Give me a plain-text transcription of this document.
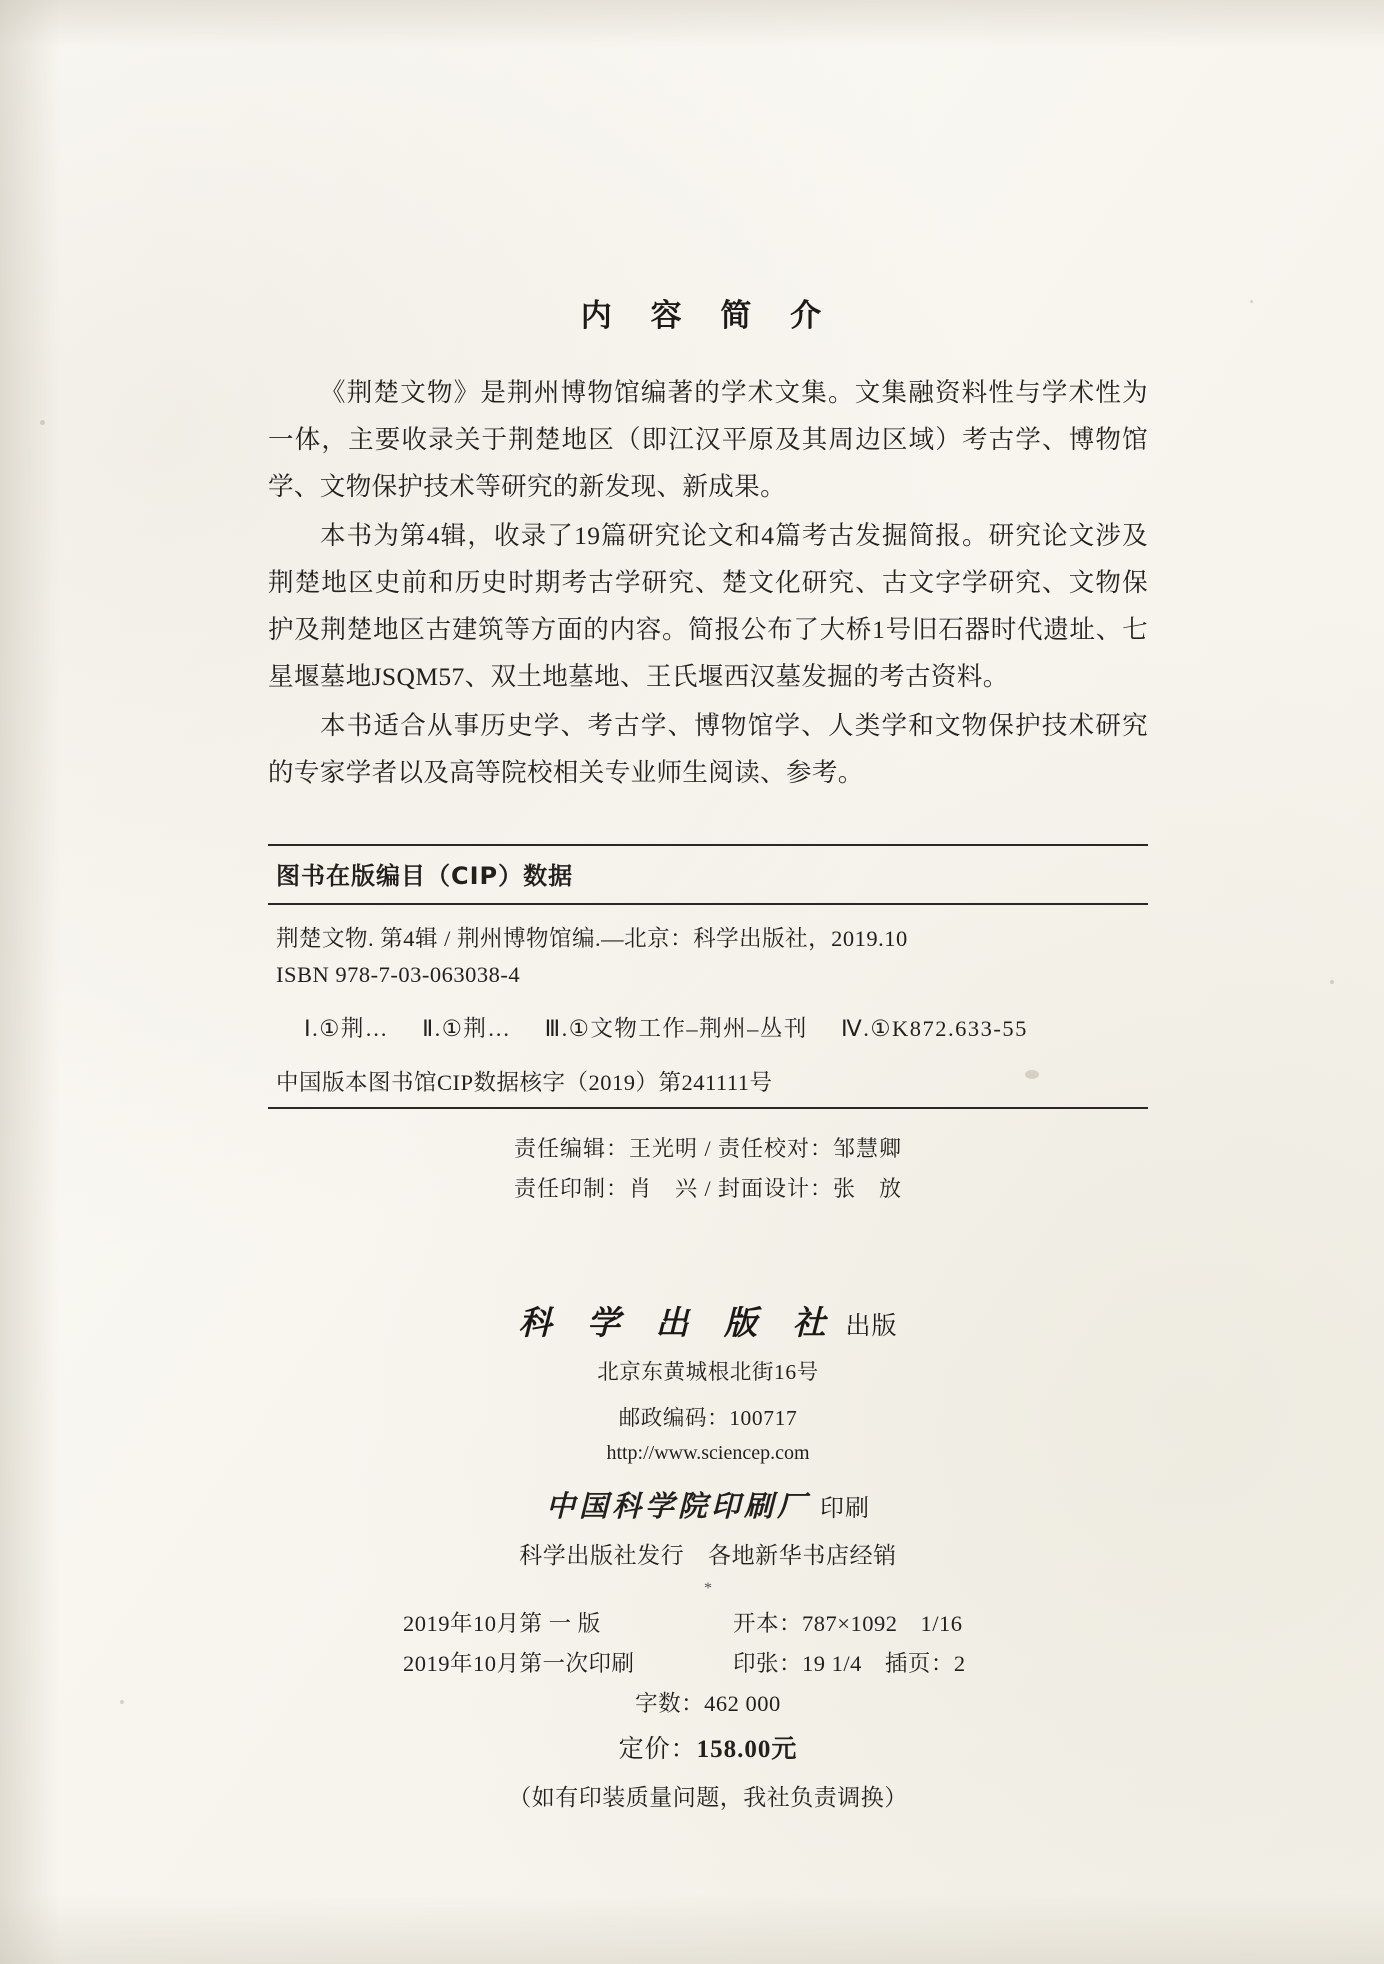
内 容 简 介

《荆楚文物》是荆州博物馆编著的学术文集。文集融资料性与学术性为一体，主要收录关于荆楚地区（即江汉平原及其周边区域）考古学、博物馆学、文物保护技术等研究的新发现、新成果。

本书为第4辑，收录了19篇研究论文和4篇考古发掘简报。研究论文涉及荆楚地区史前和历史时期考古学研究、楚文化研究、古文字学研究、文物保护及荆楚地区古建筑等方面的内容。简报公布了大桥1号旧石器时代遗址、七星堰墓地JSQM57、双土地墓地、王氏堰西汉墓发掘的考古资料。

本书适合从事历史学、考古学、博物馆学、人类学和文物保护技术研究的专家学者以及高等院校相关专业师生阅读、参考。

图书在版编目（CIP）数据
荆楚文物. 第4辑 / 荆州博物馆编.—北京：科学出版社，2019.10
ISBN 978-7-03-063038-4
Ⅰ.①荆… Ⅱ.①荆… Ⅲ.①文物工作–荆州–丛刊 Ⅳ.①K872.633-55
中国版本图书馆CIP数据核字（2019）第241111号
责任编辑：王光明 / 责任校对：邹慧卿
责任印制：肖　兴 / 封面设计：张　放
科 学 出 版 社 出版
北京东黄城根北街16号
邮政编码：100717
http://www.sciencep.com
中国科学院印刷厂 印刷
科学出版社发行　各地新华书店经销
*
2019年10月第 一 版	开本：787×1092　1/16
2019年10月第一次印刷	印张：19 1/4　插页：2
字数：462 000
定价：158.00元
（如有印装质量问题，我社负责调换）
